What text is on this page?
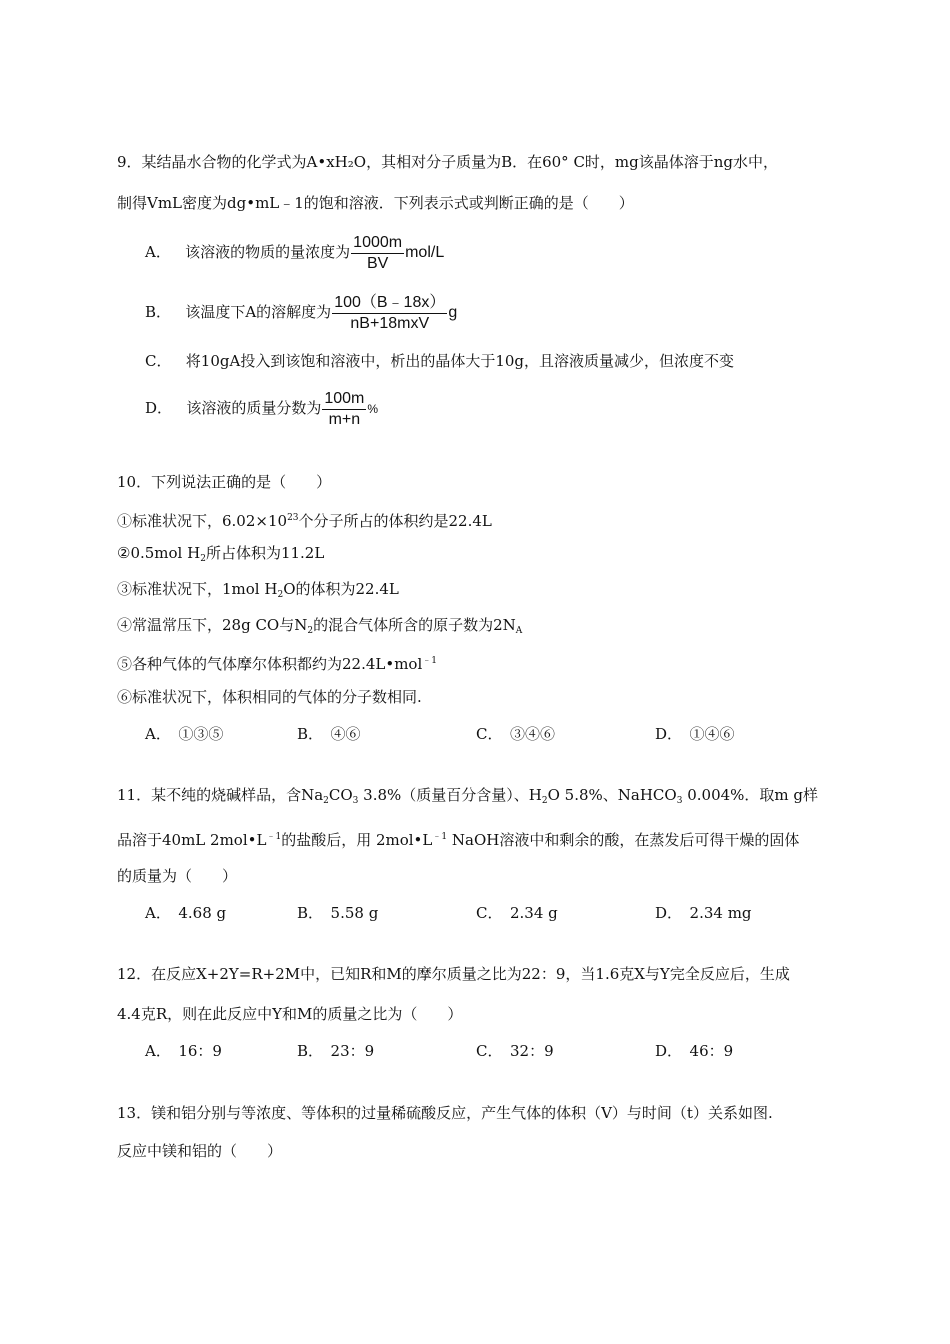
9．某结晶水合物的化学式为A•xH₂O，其相对分子质量为B．在60° C时，mg该晶体溶于ng水中，
制得VmL密度为dg•mL﹣1的饱和溶液．下列表示式或判断正确的是（　　）
A． 该溶液的物质的量浓度为 $\frac{1000m}{BV} mol/L$
B． 该温度下A的溶解度为 $\frac{100(B﹣18x)}{\text{nB+18mxV}}$ g
C． 将10gA投入到该饱和溶液中，析出的晶体大于10g，且溶液质量减少，但浓度不变
D． 该溶液的质量分数为 $\frac{100m}{m+n}$ %
10．下列说法正确的是（　　）
①标准状况下，$6.02\times 10^{23}$个分子所占的体积约是22.4L
②0.5mol $H_2$所占体积为11.2L
③标准状况下，1mol $H_2O$的体积为22.4L
④常温常压下，28g CO与$N_2$的混合气体所含的原子数为$2N_A$
⑤各种气体的气体摩尔体积都约为22.4L•mol$^{﹣1}$
⑥标准状况下，体积相同的气体的分子数相同.
A．　①③⑤	B．　④⑥	C．　③④⑥	D．　①④⑥
11．某不纯的烧碱样品，含$Na_2CO_3$ 3.8%（质量百分含量）、$H_2O$ 5.8%、NaHCO$_3$ 0.004%．取m g样
品溶于40mL $2mol•L^{﹣1}$的盐酸后，用 $2mol•L^{﹣1}$ NaOH溶液中和剩余的酸，在蒸发后可得干燥的固体
的质量为（　　）
A．　4.68 g	B．　5.58 g	C．　2.34 g	D．　2.34 mg
12．在反应X+2Y=R+2M中，已知R和M的摩尔质量之比为22：9，当1.6克X与Y完全反应后，生成
4.4克R，则在此反应中Y和M的质量之比为（　　）
A．　16：9	B．　23：9	C．　32：9	D．　46：9
13．镁和铝分别与等浓度、等体积的过量稀硫酸反应，产生气体的体积（V）与时间（t）关系如图.
反应中镁和铝的（　　）
